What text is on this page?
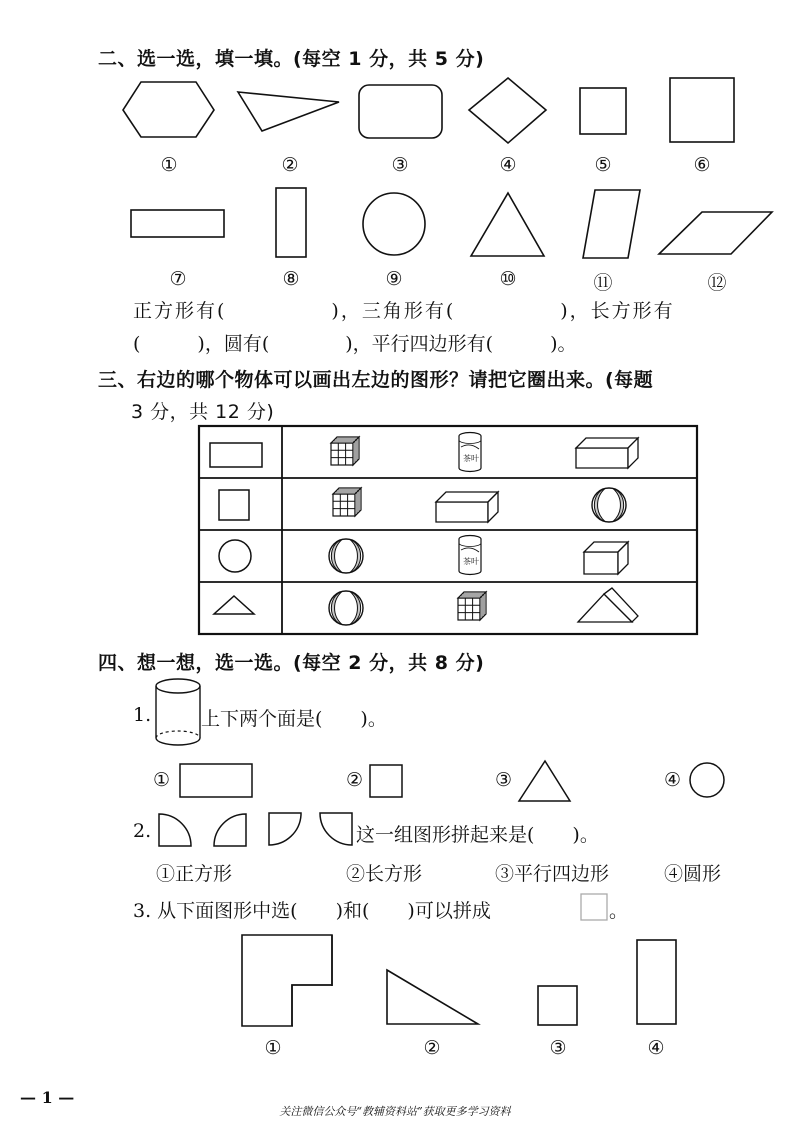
二、选一选，填一填。(每空 1 分，共 5 分)
①	②	③	④	⑤	⑥
⑦	⑧	⑨	⑩	⑪	⑫
正方形有(　　　　　)，三角形有(　　　　　)，长方形有
(　　　)，圆有(　　　　)，平行四边形有(　　　)。
三、右边的哪个物体可以画出左边的图形？请把它圈出来。(每题
3 分，共 12 分)
茶叶
茶叶
四、想一想，选一选。(每空 2 分，共 8 分)
1.	上下两个面是(　　)。
①	②	③	④
2.	这一组图形拼起来是(　　)。
①正方形	②长方形	③平行四边形	④圆形
3. 从下面图形中选(　　)和(　　)可以拼成	。
①	②	③	④
— 1 —
关注微信公众号“教辅资料站”获取更多学习资料
